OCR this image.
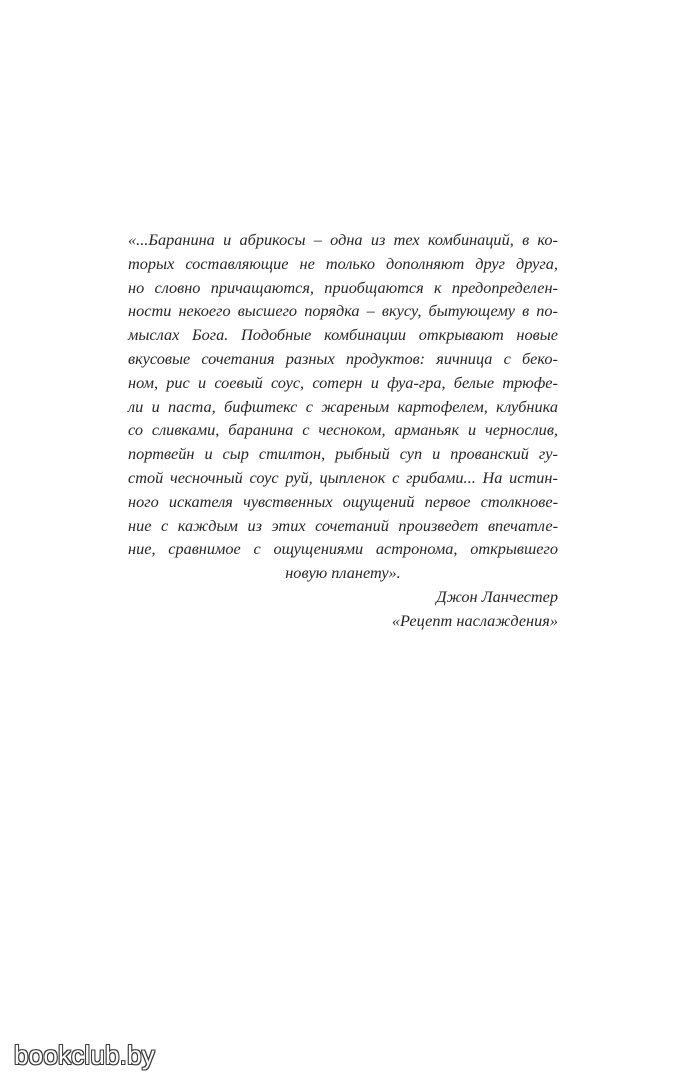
«...Баранина и абрикосы – одна из тех комбинаций, в ко-
торых составляющие не только дополняют друг друга,
но словно причащаются, приобщаются к предопределен-
ности некоего высшего порядка – вкусу, бытующему в по-
мыслах Бога. Подобные комбинации открывают новые
вкусовые сочетания разных продуктов: яичница с беко-
ном, рис и соевый соус, сотерн и фуа-гра, белые трюфе-
ли и паста, бифштекс с жареным картофелем, клубника
со сливками, баранина с чесноком, арманьяк и чернослив,
портвейн и сыр стилтон, рыбный суп и прованский гу-
стой чесночный соус руй, цыпленок с грибами... На истин-
ного искателя чувственных ощущений первое столкнове-
ние с каждым из этих сочетаний произведет впечатле-
ние, сравнимое с ощущениями астронома, открывшего
новую планету».
Джон Ланчестер
«Рецепт наслаждения»
bookclub.by
